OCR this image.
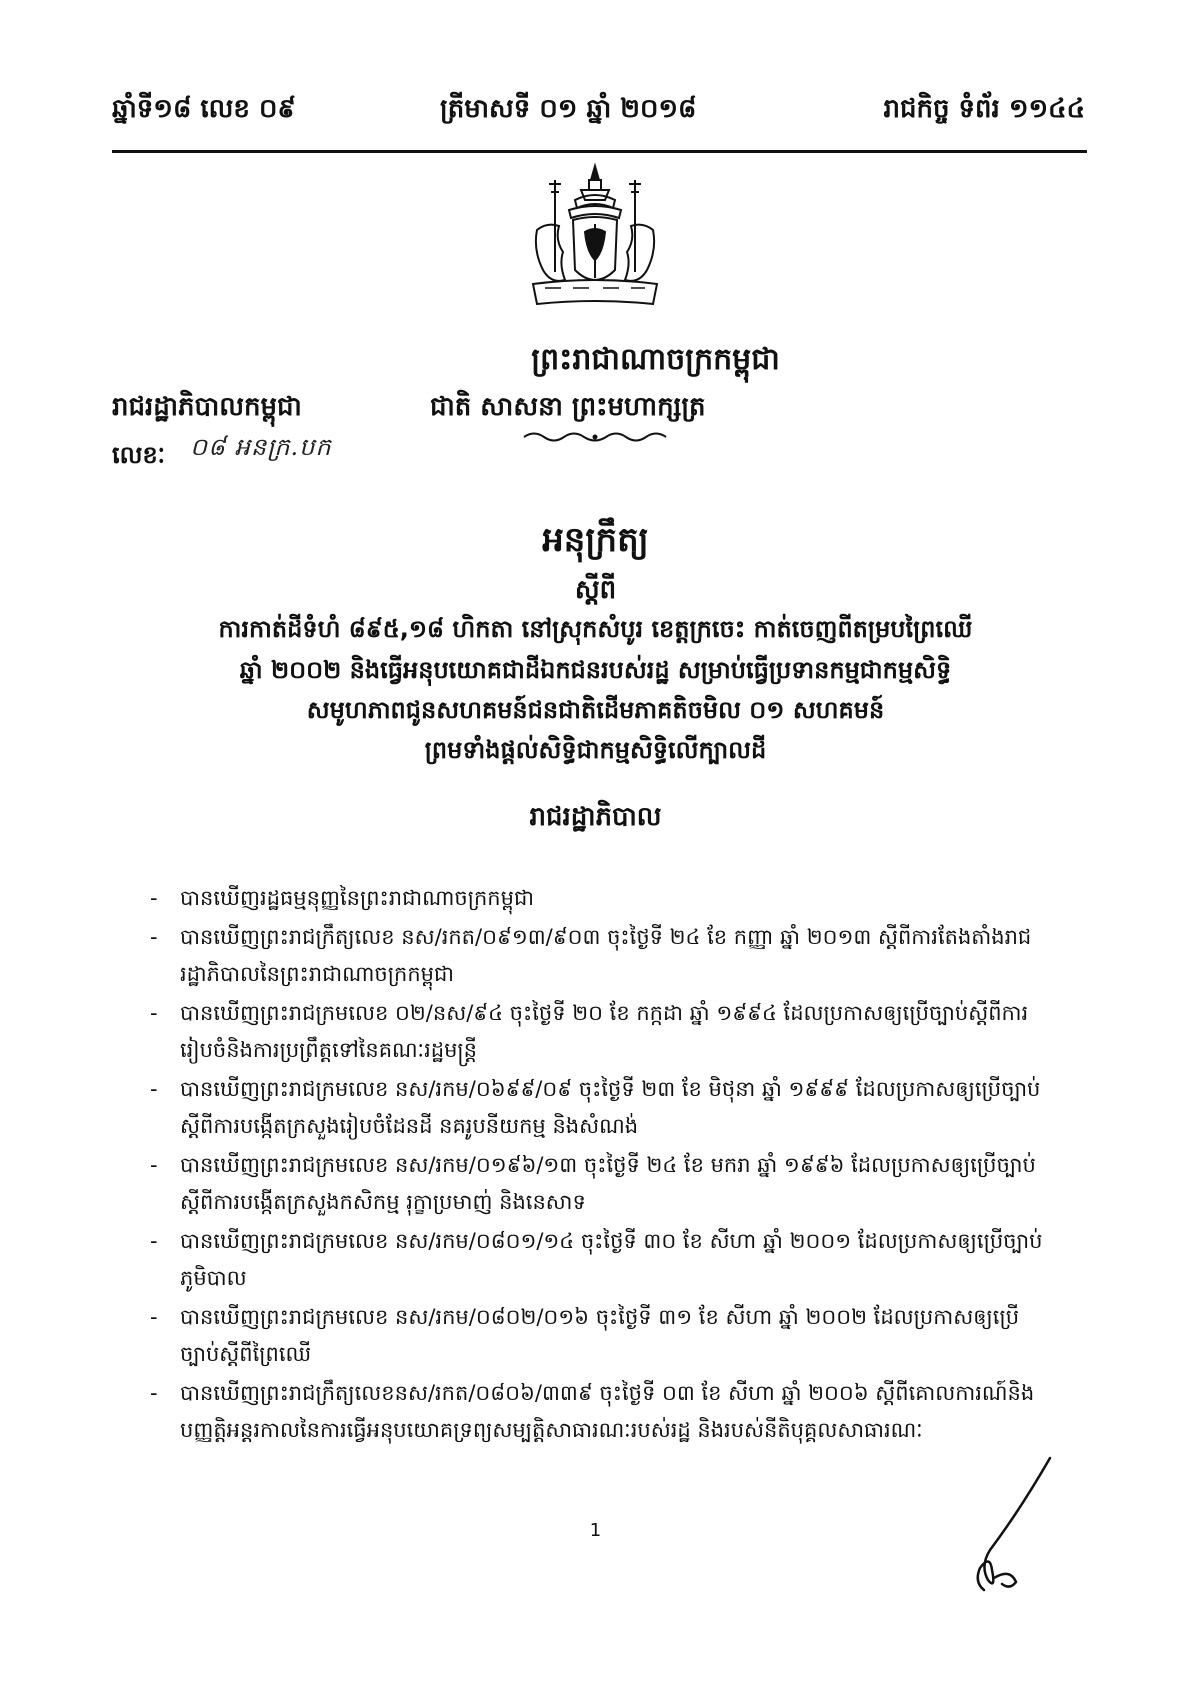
ឆ្នាំទី១៨ លេខ ០៩	ត្រីមាសទី ០១ ឆ្នាំ ២០១៨	រាជកិច្ច ទំព័រ ១១៤៤
ព្រះរាជាណាចក្រកម្ពុជា
រាជរដ្ឋាភិបាលកម្ពុជា	ជាតិ សាសនា ព្រះមហាក្សត្រ
លេខៈ ០៨ អនក្រ.បក
អនុក្រឹត្យ
ស្តីពី
ការកាត់ដីទំហំ ៨៩៥,១៨ ហិកតា នៅស្រុកសំបូរ ខេត្តក្រចេះ កាត់ចេញពីតម្របព្រៃឈើ
ឆ្នាំ ២០០២ និងធ្វើអនុបយោគជាដីឯកជនរបស់រដ្ឋ សម្រាប់ធ្វើប្រទានកម្មជាកម្មសិទ្ធិ
សមូហភាពជូនសហគមន៍ជនជាតិដើមភាគតិចមិល ០១ សហគមន៍
ព្រមទាំងផ្តល់សិទ្ធិជាកម្មសិទ្ធិលើក្បាលដី
រាជរដ្ឋាភិបាល
- បានឃើញរដ្ឋធម្មនុញ្ញនៃព្រះរាជាណាចក្រកម្ពុជា
- បានឃើញព្រះរាជក្រឹត្យលេខ នស/រកត/០៩១៣/៩០៣ ចុះថ្ងៃទី ២៤ ខែ កញ្ញា ឆ្នាំ ២០១៣ ស្តីពីការតែងតាំងរាជរដ្ឋាភិបាលនៃព្រះរាជាណាចក្រកម្ពុជា
- បានឃើញព្រះរាជក្រមលេខ ០២/នស/៩៤ ចុះថ្ងៃទី ២០ ខែ កក្កដា ឆ្នាំ ១៩៩៤ ដែលប្រកាសឲ្យប្រើច្បាប់ស្តីពីការរៀបចំនិងការប្រព្រឹត្តទៅនៃគណៈរដ្ឋមន្ត្រី
- បានឃើញព្រះរាជក្រមលេខ នស/រកម/០៦៩៩/០៩ ចុះថ្ងៃទី ២៣ ខែ មិថុនា ឆ្នាំ ១៩៩៩ ដែលប្រកាសឲ្យប្រើច្បាប់ស្តីពីការបង្កើតក្រសួងរៀបចំដែនដី នគរូបនីយកម្ម និងសំណង់
- បានឃើញព្រះរាជក្រមលេខ នស/រកម/០១៩៦/១៣ ចុះថ្ងៃទី ២៤ ខែ មករា ឆ្នាំ ១៩៩៦ ដែលប្រកាសឲ្យប្រើច្បាប់ ស្តីពីការបង្កើតក្រសួងកសិកម្ម រុក្ខាប្រមាញ់ និងនេសាទ
- បានឃើញព្រះរាជក្រមលេខ នស/រកម/០៨០១/១៤ ចុះថ្ងៃទី ៣០ ខែ សីហា ឆ្នាំ ២០០១ ដែលប្រកាសឲ្យប្រើច្បាប់ភូមិបាល
- បានឃើញព្រះរាជក្រមលេខ នស/រកម/០៨០២/០១៦ ចុះថ្ងៃទី ៣១ ខែ សីហា ឆ្នាំ ២០០២ ដែលប្រកាសឲ្យប្រើច្បាប់ស្តីពីព្រៃឈើ
- បានឃើញព្រះរាជក្រឹត្យលេខនស/រកត/០៨០៦/៣៣៩ ចុះថ្ងៃទី ០៣ ខែ សីហា ឆ្នាំ ២០០៦ ស្តីពីគោលការណ៍និងបញ្ញត្តិអន្តរកាលនៃការធ្វើអនុបយោគទ្រព្យសម្បត្តិសាធារណៈរបស់រដ្ឋ និងរបស់នីតិបុគ្គលសាធារណៈ
1
